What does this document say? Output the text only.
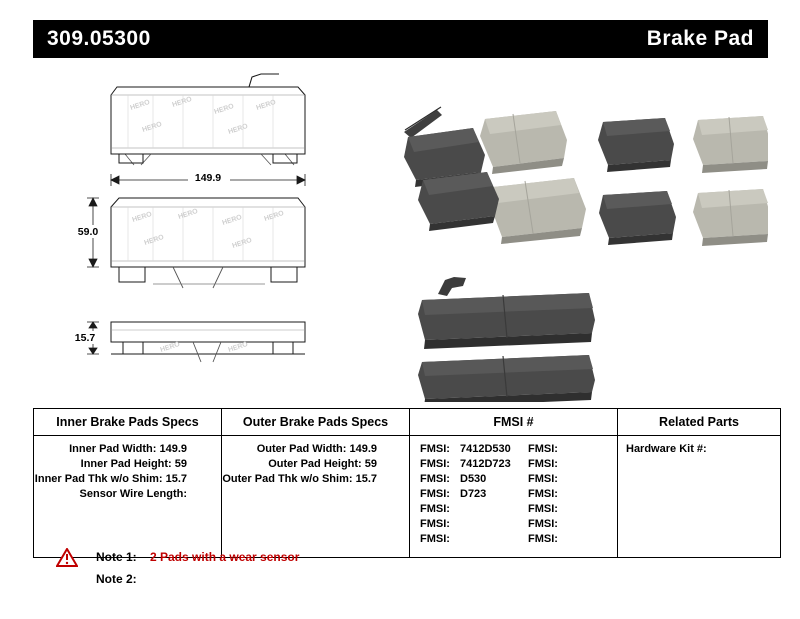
309.05300	Brake Pad
HERO	HERO
HERO	HERO
HERO	HERO
149.9
HERO	HERO	HERO	HERO
HERO	HERO
59.0
HERO	HERO
15.7
Inner Brake Pads Specs	Outer Brake Pads Specs	FMSI #	Related Parts

Inner Pad Width: 149.9
Inner Pad Height: 59
Inner Pad Thk w/o Shim: 15.7
Sensor Wire Length:

Outer Pad Width: 149.9
Outer Pad Height: 59
Outer Pad Thk w/o Shim: 15.7

FMSI: 7412D530 FMSI:
FMSI: 7412D723 FMSI:
FMSI: D530	FMSI:
FMSI: D723	FMSI:
FMSI:	FMSI:
FMSI:	FMSI:
FMSI:	FMSI:

Hardware Kit #:
Note 1: 2 Pads with a wear sensor
Note 2:
